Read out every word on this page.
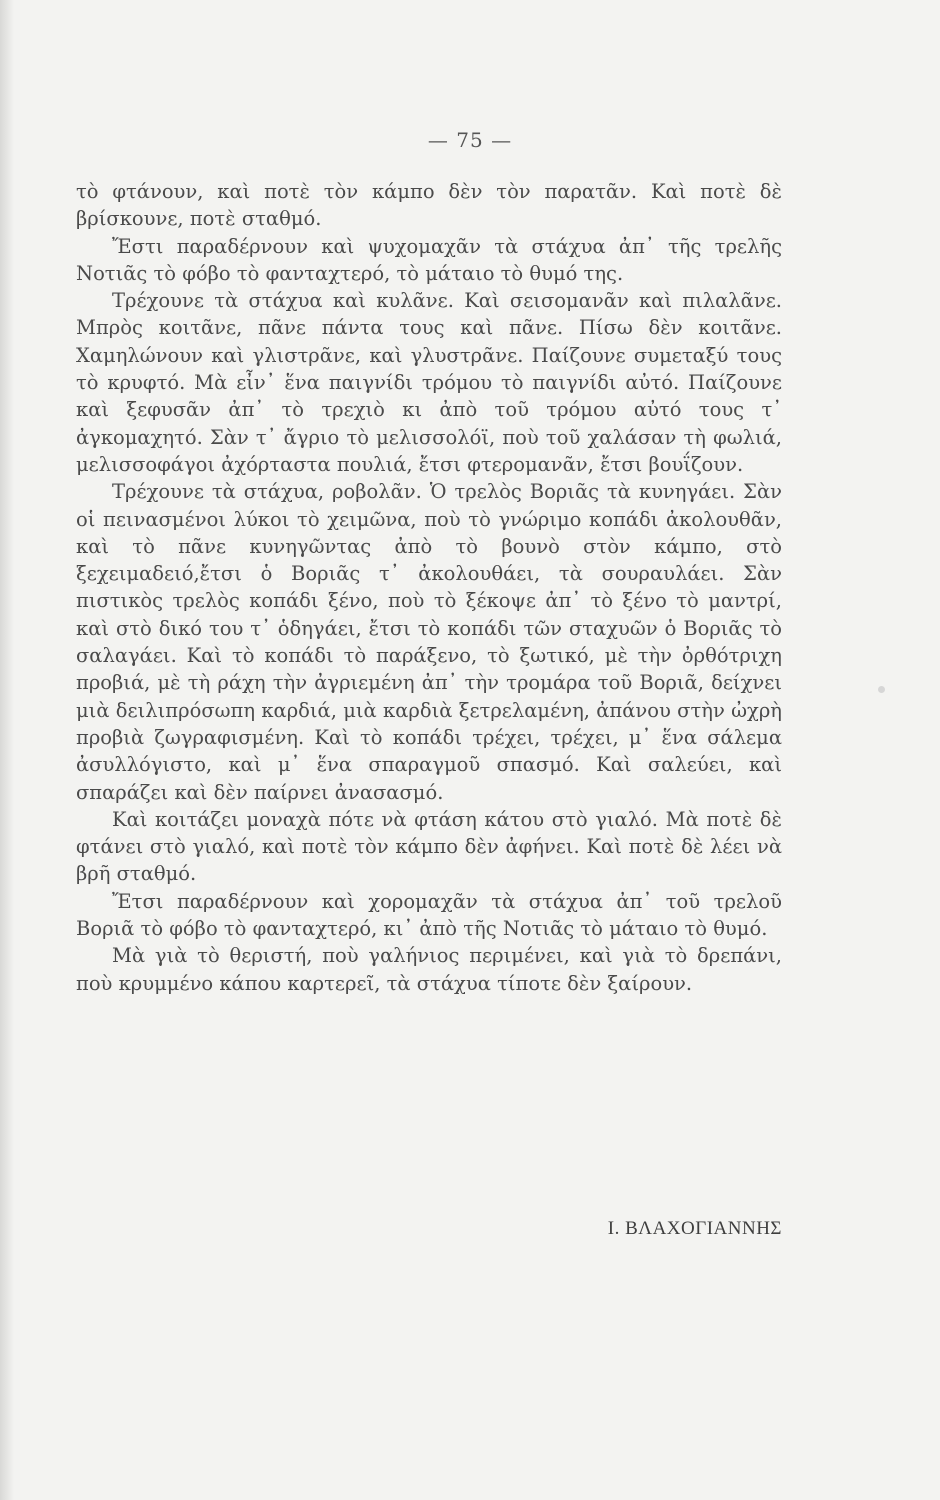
— 75 —

τὸ φτάνουν, καὶ ποτὲ τὸν κάμπο δὲν τὸν παρατᾶν. Καὶ ποτὲ δὲ βρίσκουνε, ποτὲ σταθμό.

Ἔστι παραδέρνουν καὶ ψυχομαχᾶν τὰ στάχυα ἀπ᾽ τῆς τρελῆς Νοτιᾶς τὸ φόβο τὸ φανταχτερό, τὸ μάταιο τὸ θυμό της.

Τρέχουνε τὰ στάχυα καὶ κυλᾶνε. Καὶ σεισομανᾶν καὶ πιλαλᾶνε. Μπρὸς κοιτᾶνε, πᾶνε πάντα τους καὶ πᾶνε. Πίσω δὲν κοιτᾶνε. Χαμηλώνουν καὶ γλιστρᾶνε, καὶ γλυστρᾶνε. Παίζουνε συμεταξύ τους τὸ κρυφτό. Μὰ εἶν᾽ ἕνα παιγνίδι τρόμου τὸ παιγνίδι αὐτό. Παίζουνε καὶ ξεφυσᾶν ἀπ᾽ τὸ τρεχιὸ κι ἀπὸ τοῦ τρόμου αὐτό τους τ᾽ ἀγκομαχητό. Σὰν τ᾽ ἄγριο τὸ μελισσολόϊ, ποὺ τοῦ χαλάσαν τὴ φωλιά, μελισσοφάγοι ἀχόρταστα πουλιά, ἔτσι φτερομανᾶν, ἔτσι βουΐζουν.

Τρέχουνε τὰ στάχυα, ροβολᾶν. Ὁ τρελὸς Βοριᾶς τὰ κυνηγάει. Σὰν οἱ πεινασμένοι λύκοι τὸ χειμῶνα, ποὺ τὸ γνώριμο κοπάδι ἀκολουθᾶν, καὶ τὸ πᾶνε κυνηγῶντας ἀπὸ τὸ βουνὸ στὸν κάμπο, στὸ ξεχειμαδειό,ἔτσι ὁ Βοριᾶς τ᾽ ἀκολουθάει, τὰ σουραυλάει. Σὰν πιστικὸς τρελὸς κοπάδι ξένο, ποὺ τὸ ξέκοψε ἀπ᾽ τὸ ξένο τὸ μαντρί, καὶ στὸ δικό του τ᾽ ὁδηγάει, ἔτσι τὸ κοπάδι τῶν σταχυῶν ὁ Βοριᾶς τὸ σαλαγάει. Καὶ τὸ κοπάδι τὸ παράξενο, τὸ ξωτικό, μὲ τὴν ὀρθότριχη προβιά, μὲ τὴ ράχη τὴν ἀγριεμένη ἀπ᾽ τὴν τρομάρα τοῦ Βοριᾶ, δείχνει μιὰ δειλιπρόσωπη καρδιά, μιὰ καρδιὰ ξετρελαμένη, ἀπάνου στὴν ὠχρὴ προβιὰ ζωγραφισμένη. Καὶ τὸ κοπάδι τρέχει, τρέχει, μ᾽ ἕνα σάλεμα ἀσυλλόγιστο, καὶ μ᾽ ἕνα σπαραγμοῦ σπασμό. Καὶ σαλεύει, καὶ σπαράζει καὶ δὲν παίρνει ἀνασασμό.

Καὶ κοιτάζει μοναχὰ πότε νὰ φτάση κάτου στὸ γιαλό. Μὰ ποτὲ δὲ φτάνει στὸ γιαλό, καὶ ποτὲ τὸν κάμπο δὲν ἀφήνει. Καὶ ποτὲ δὲ λέει νὰ βρῆ σταθμό.

Ἔτσι παραδέρνουν καὶ χορομαχᾶν τὰ στάχυα ἀπ᾽ τοῦ τρελοῦ Βοριᾶ τὸ φόβο τὸ φανταχτερό, κι᾽ ἀπὸ τῆς Νοτιᾶς τὸ μάταιο τὸ θυμό.

Μὰ γιὰ τὸ θεριστή, ποὺ γαλήνιος περιμένει, καὶ γιὰ τὸ δρεπάνι, ποὺ κρυμμένο κάπου καρτερεῖ, τὰ στάχυα τίποτε δὲν ξαίρουν.

Ι. ΒΛΑΧΟΓΙΑΝΝΗΣ
